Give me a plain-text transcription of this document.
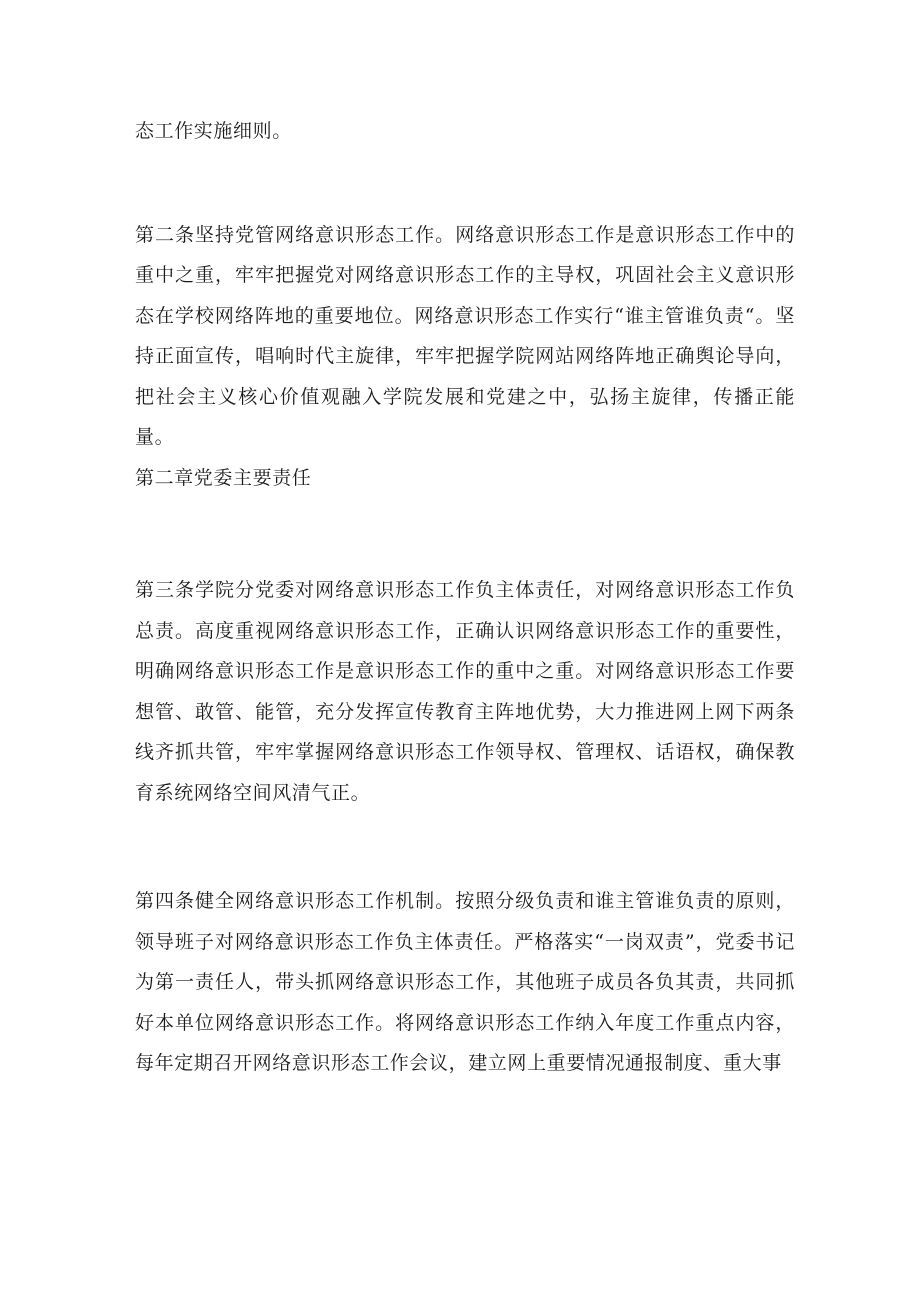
态工作实施细则。

第二条坚持党管网络意识形态工作。网络意识形态工作是意识形态工作中的重中之重，牢牢把握党对网络意识形态工作的主导权，巩固社会主义意识形态在学校网络阵地的重要地位。网络意识形态工作实行“谁主管谁负责“。坚持正面宣传，唱响时代主旋律，牢牢把握学院网站网络阵地正确舆论导向，把社会主义核心价值观融入学院发展和党建之中，弘扬主旋律，传播正能量。

第二章党委主要责任

第三条学院分党委对网络意识形态工作负主体责任，对网络意识形态工作负总责。高度重视网络意识形态工作，正确认识网络意识形态工作的重要性，明确网络意识形态工作是意识形态工作的重中之重。对网络意识形态工作要想管、敢管、能管，充分发挥宣传教育主阵地优势，大力推进网上网下两条线齐抓共管，牢牢掌握网络意识形态工作领导权、管理权、话语权，确保教育系统网络空间风清气正。

第四条健全网络意识形态工作机制。按照分级负责和谁主管谁负责的原则，领导班子对网络意识形态工作负主体责任。严格落实“一岗双责”，党委书记为第一责任人，带头抓网络意识形态工作，其他班子成员各负其责，共同抓好本单位网络意识形态工作。将网络意识形态工作纳入年度工作重点内容，每年定期召开网络意识形态工作会议，建立网上重要情况通报制度、重大事
